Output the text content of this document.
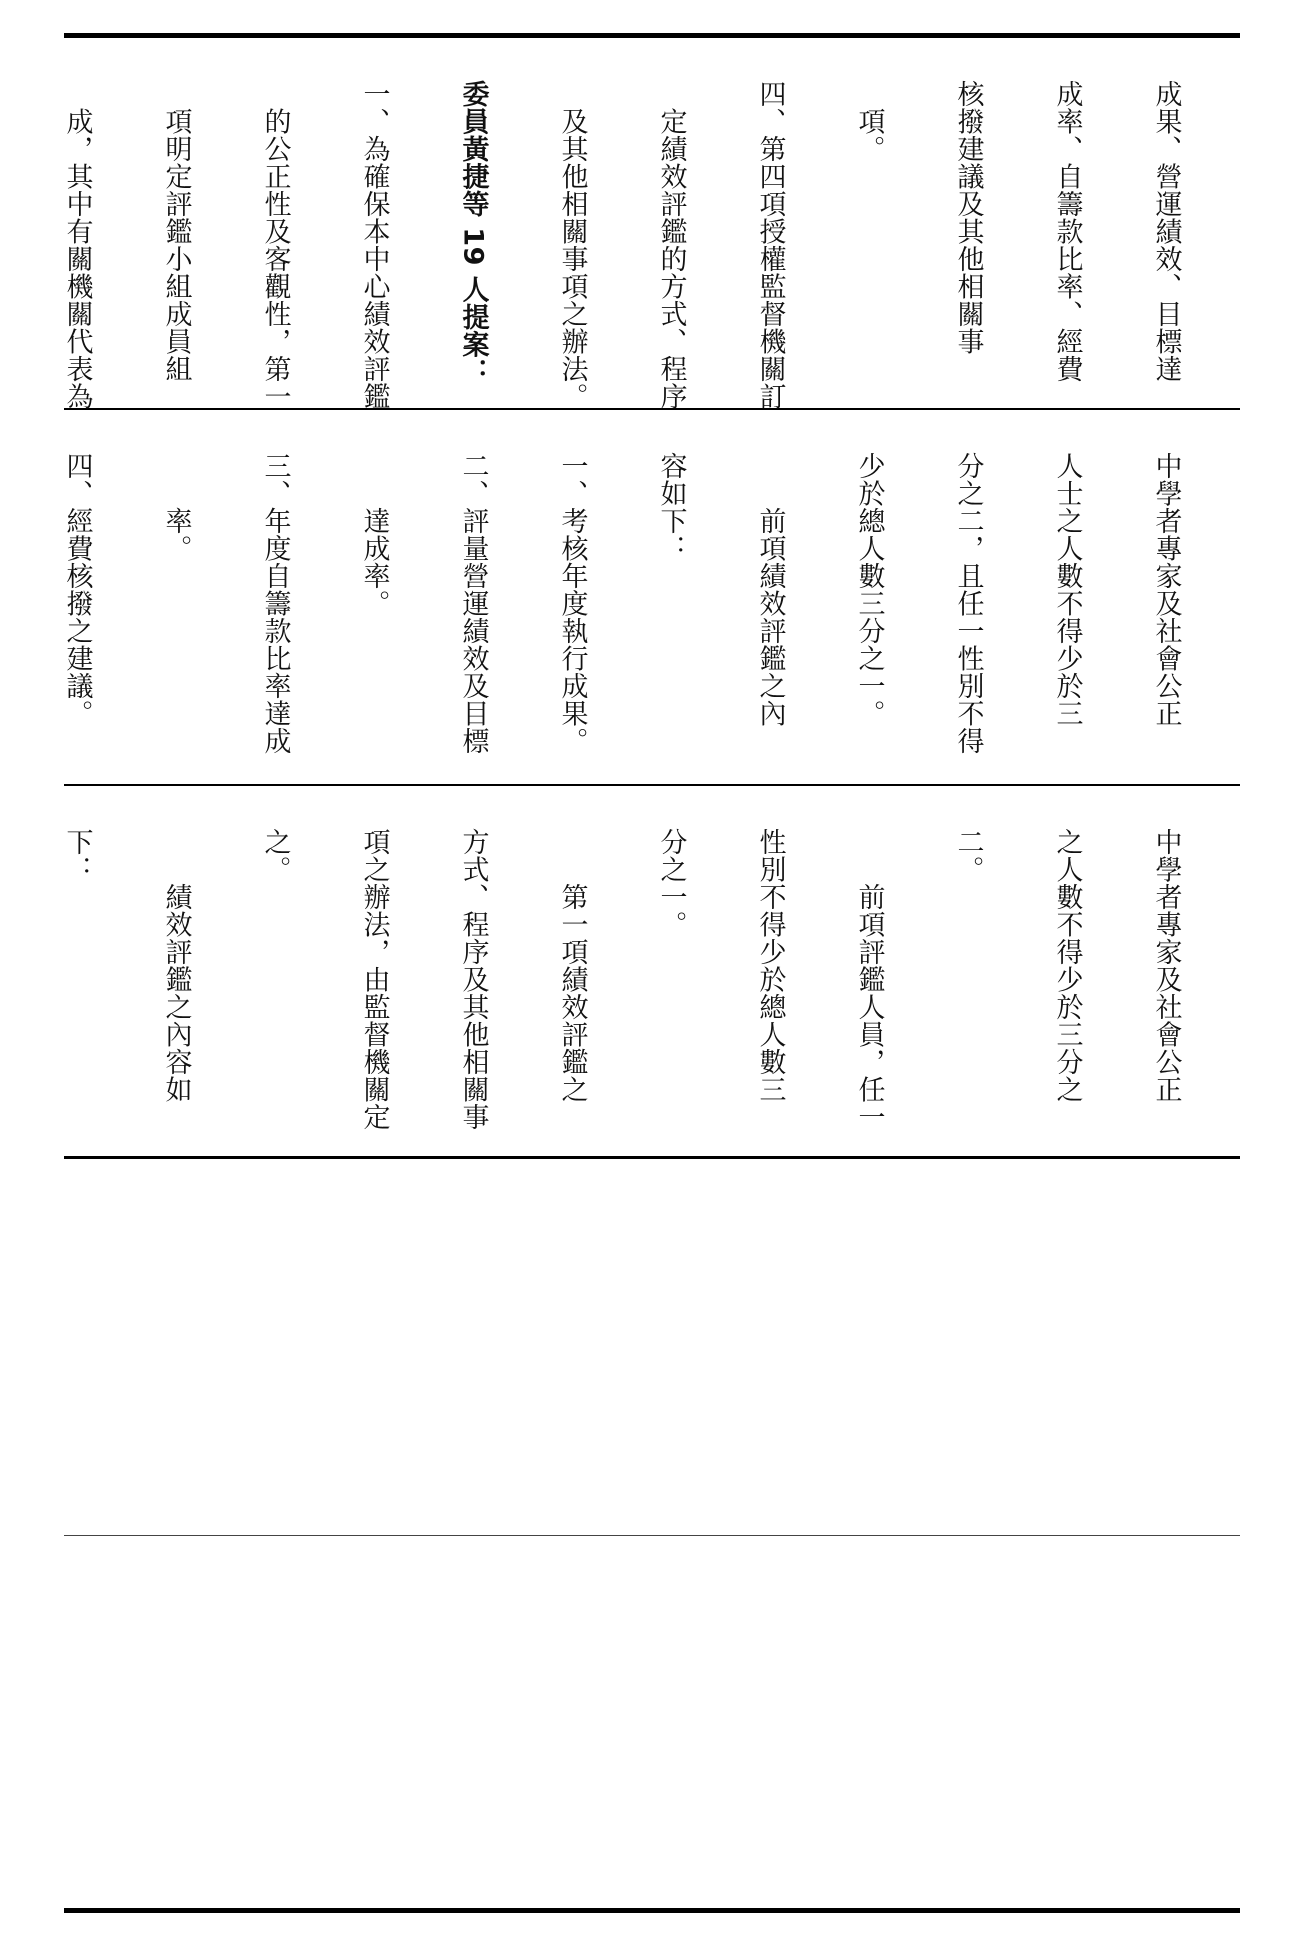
成果、營運績效、目標達

成率、自籌款比率、經費

核撥建議及其他相關事

　項。

四、第四項授權監督機關訂

　定績效評鑑的方式、程序

　及其他相關事項之辦法。

委員黃捷等 19 人提案：

一、為確保本中心績效評鑑

　的公正性及客觀性，第一

　項明定評鑑小組成員組

　成，其中有關機關代表為

中學者專家及社會公正

人士之人數不得少於三

分之二，且任一性別不得

少於總人數三分之一。

　　前項績效評鑑之內

容如下：

一、考核年度執行成果。

二、評量營運績效及目標

　　達成率。

三、年度自籌款比率達成

　　率。

四、經費核撥之建議。

中學者專家及社會公正

之人數不得少於三分之

二。

　　前項評鑑人員，任一

性別不得少於總人數三

分之一。

　　第一項績效評鑑之

方式、程序及其他相關事

項之辦法，由監督機關定

之。

　　績效評鑑之內容如

下：
